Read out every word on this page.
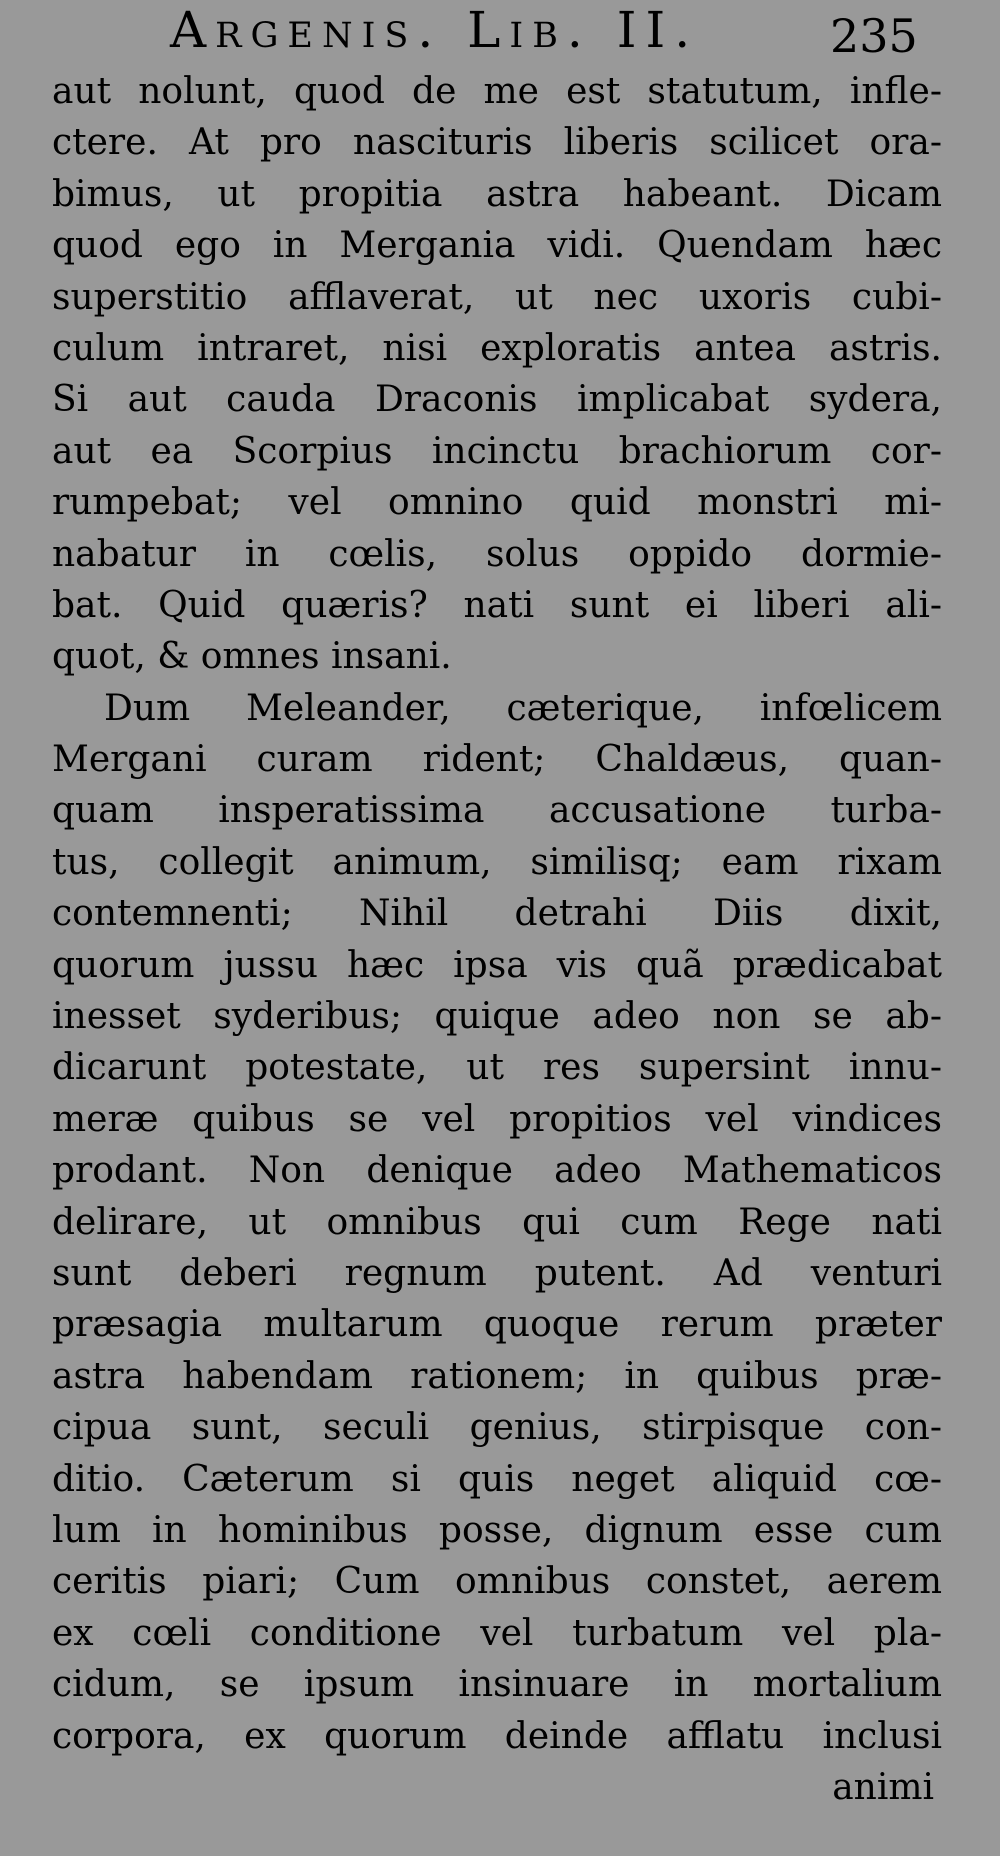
Argenis. Lib. II.	235
aut nolunt, quod de me est statutum, infle-
ctere. At pro nascituris liberis scilicet ora-
bimus, ut propitia astra habeant. Dicam
quod ego in Mergania vidi. Quendam hæc
superstitio afflaverat, ut nec uxoris cubi-
culum intraret, nisi exploratis antea astris.
Si aut cauda Draconis implicabat sydera,
aut ea Scorpius incinctu brachiorum cor-
rumpebat; vel omnino quid monstri mi-
nabatur in cœlis, solus oppido dormie-
bat. Quid quæris? nati sunt ei liberi ali-
quot, & omnes insani.
Dum Meleander, cæterique, infœlicem
Mergani curam rident; Chaldæus, quan-
quam insperatissima accusatione turba-
tus, collegit animum, similisq; eam rixam
contemnenti; Nihil detrahi Diis dixit,
quorum jussu hæc ipsa vis quã prædicabat
inesset syderibus; quique adeo non se ab-
dicarunt potestate, ut res supersint innu-
meræ quibus se vel propitios vel vindices
prodant. Non denique adeo Mathematicos
delirare, ut omnibus qui cum Rege nati
sunt deberi regnum putent. Ad venturi
præsagia multarum quoque rerum præter
astra habendam rationem; in quibus præ-
cipua sunt, seculi genius, stirpisque con-
ditio. Cæterum si quis neget aliquid cœ-
lum in hominibus posse, dignum esse cum
ceritis piari; Cum omnibus constet, aerem
ex cœli conditione vel turbatum vel pla-
cidum, se ipsum insinuare in mortalium
corpora, ex quorum deinde afflatu inclusi
animi
